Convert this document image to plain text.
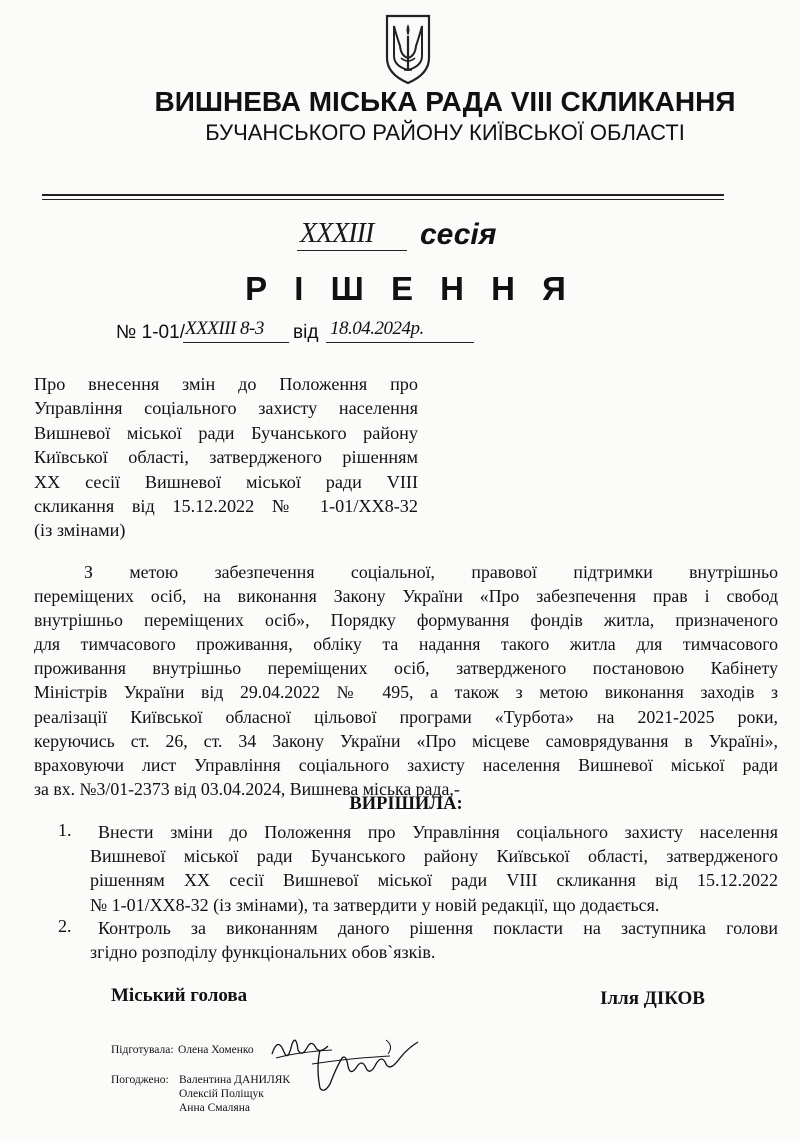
ВИШНЕВА МІСЬКА РАДА VIII СКЛИКАННЯ
БУЧАНСЬКОГО РАЙОНУ КИЇВСЬКОЇ ОБЛАСТІ
XXXIII сесія
Р І Ш Е Н Н Я
№ 1-01/ XXXIII 8-3 від 18.04.2024р.
Про внесення змін до Положення про
Управління соціального захисту населення
Вишневої міської ради Бучанського району
Київської області, затвердженого рішенням
XX сесії Вишневої міської ради VIII
скликання від 15.12.2022 № 1-01/XX8-32
(із змінами)
З метою забезпечення соціальної, правової підтримки внутрішньо
переміщених осіб, на виконання Закону України «Про забезпечення прав і свобод
внутрішньо переміщених осіб», Порядку формування фондів житла, призначеного
для тимчасового проживання, обліку та надання такого житла для тимчасового
проживання внутрішньо переміщених осіб, затвердженого постановою Кабінету
Міністрів України від 29.04.2022 № 495, а також з метою виконання заходів з
реалізації Київської обласної цільової програми «Турбота» на 2021-2025 роки,
керуючись ст. 26, ст. 34 Закону України «Про місцеве самоврядування в Україні»,
враховуючи лист Управління соціального захисту населення Вишневої міської ради
за вх. №3/01-2373 від 03.04.2024, Вишнева міська рада,-
ВИРІШИЛА:
1.	Внести зміни до Положення про Управління соціального захисту населення
Вишневої міської ради Бучанського району Київської області, затвердженого
рішенням XX сесії Вишневої міської ради VIII скликання від 15.12.2022
№ 1-01/XX8-32 (із змінами), та затвердити у новій редакції, що додається.
2.	Контроль за виконанням даного рішення покласти на заступника голови
згідно розподілу функціональних обов`язків.
Міський голова	Ілля ДІКОВ
Підготувала: Олена Хоменко
Погоджено: Валентина ДАНИЛЯК
Олексій Поліщук
Анна Смаляна
